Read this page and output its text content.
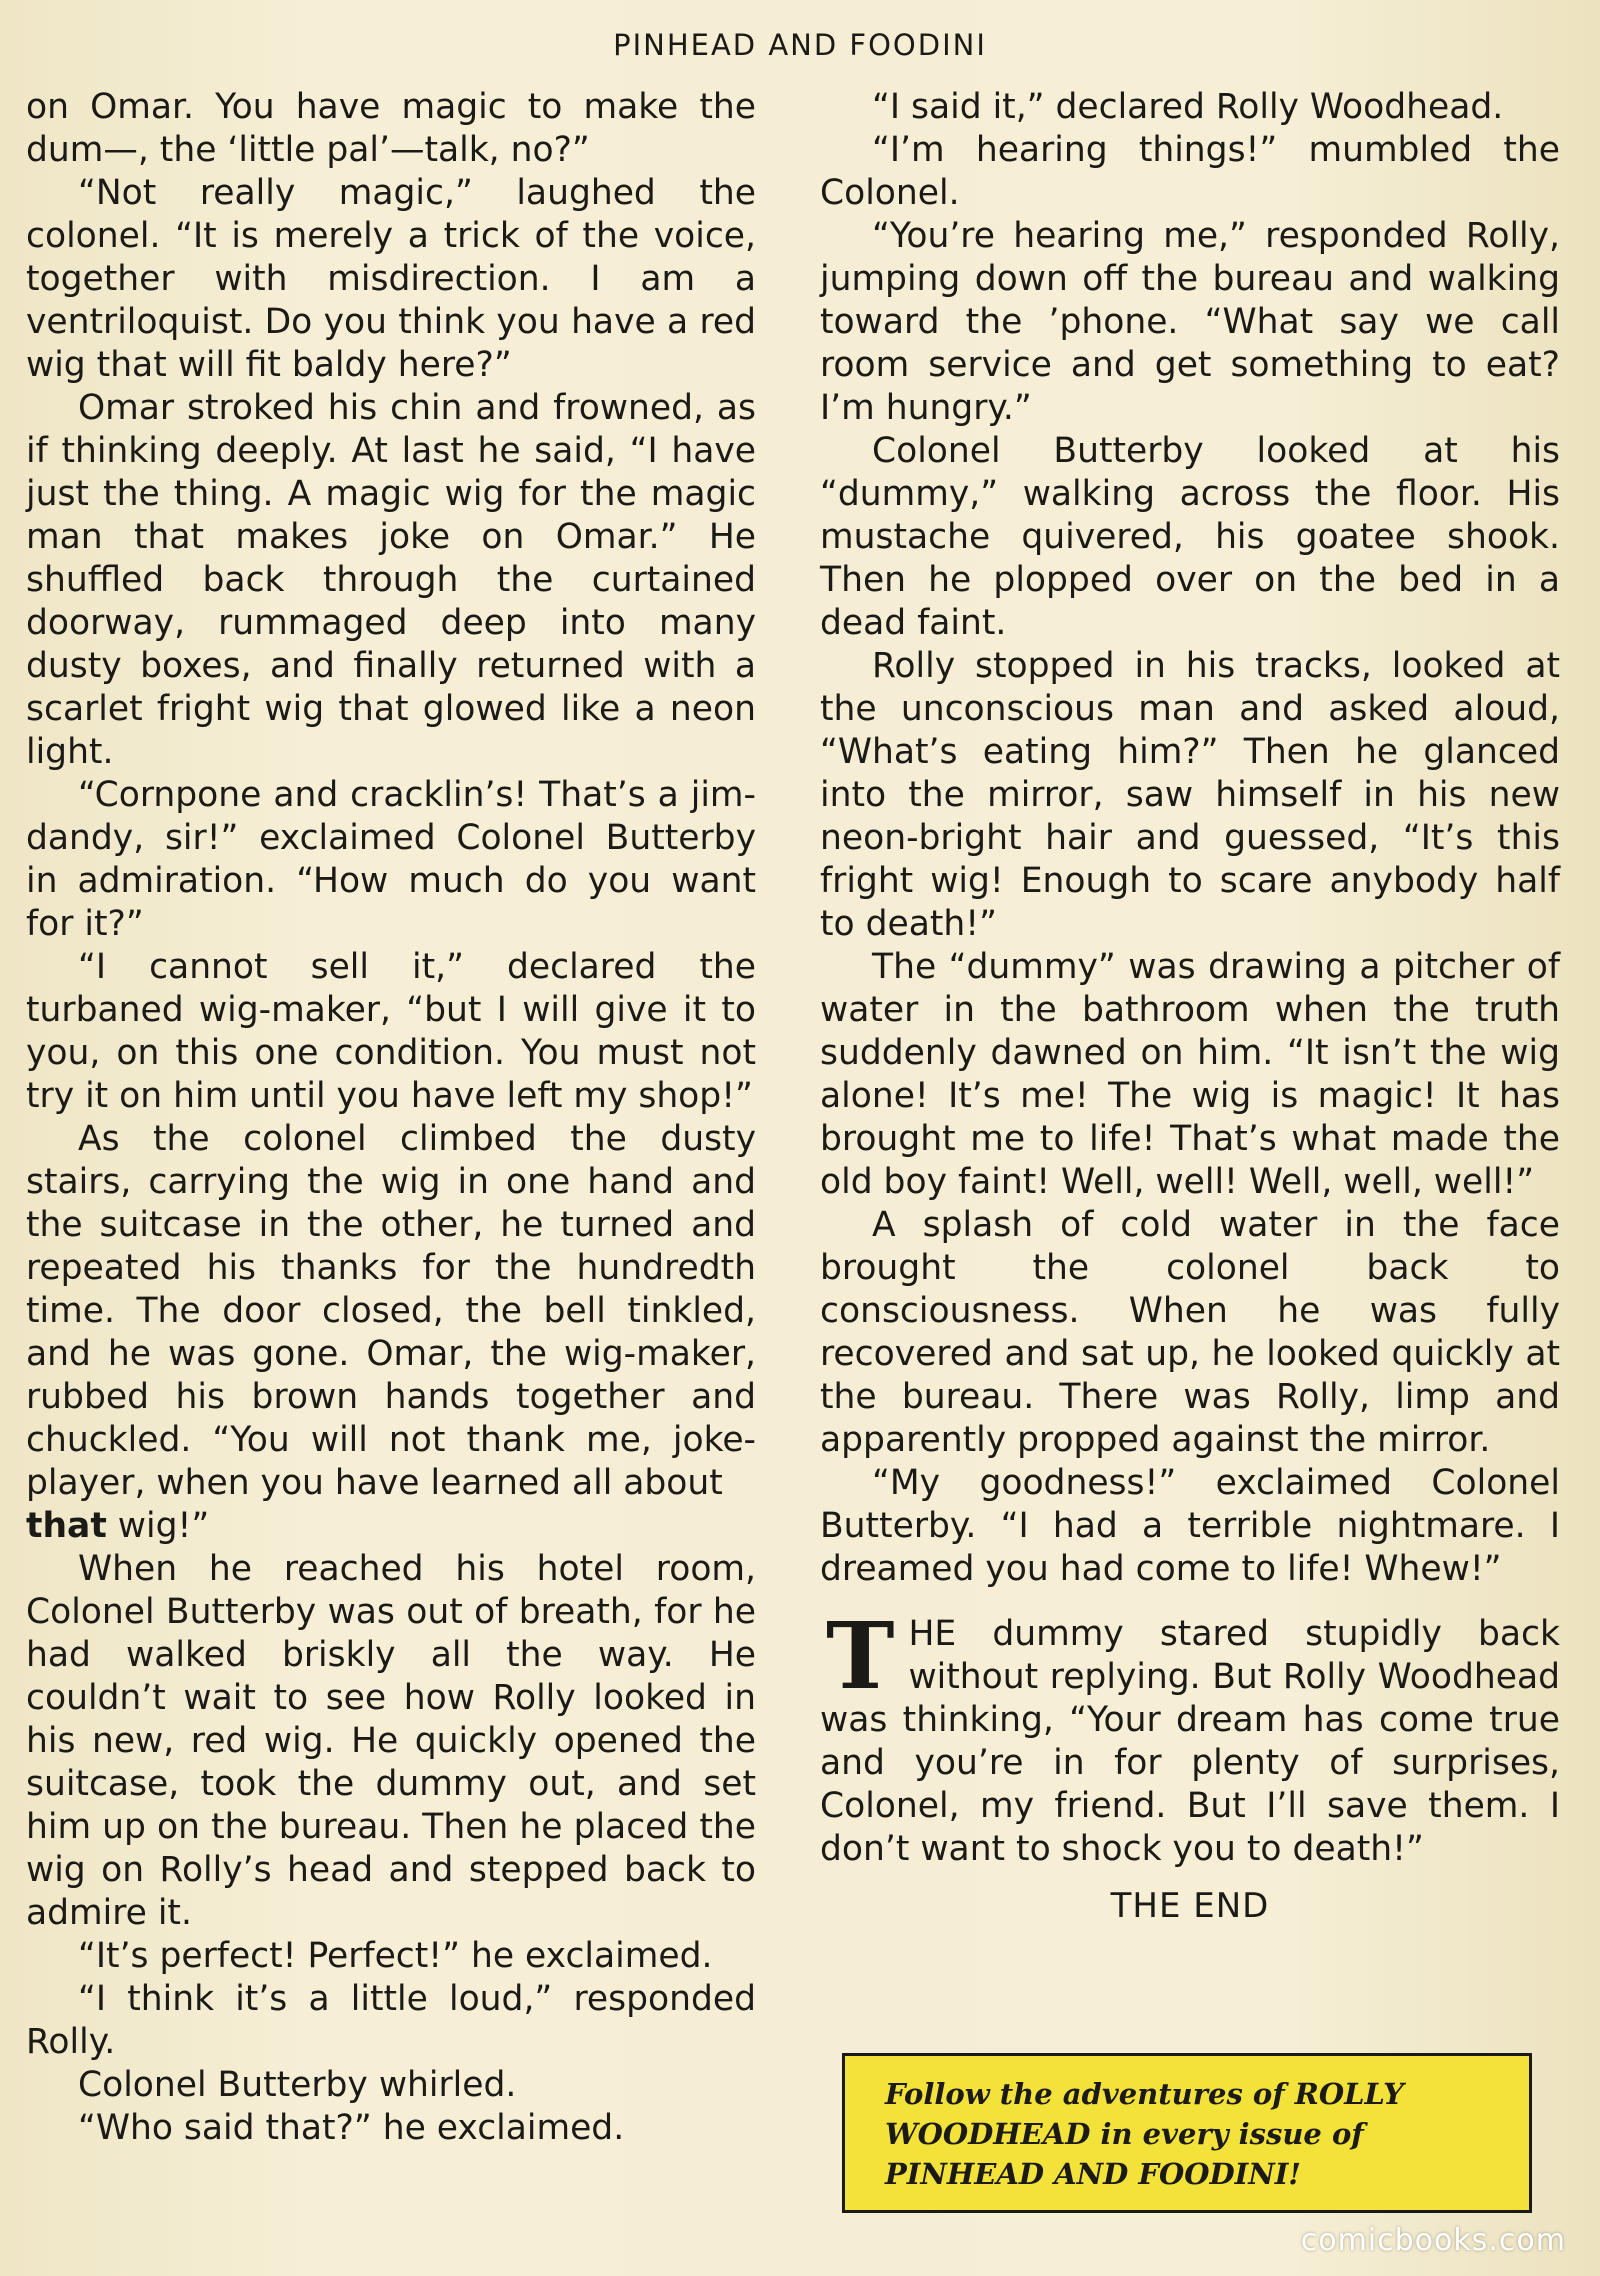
PINHEAD AND FOODINI

on Omar. You have magic to make the dum—, the ‘little pal’—talk, no?”

“Not really magic,” laughed the colonel. “It is merely a trick of the voice, together with misdirection. I am a ventriloquist. Do you think you have a red wig that will fit baldy here?”

Omar stroked his chin and frowned, as if thinking deeply. At last he said, “I have just the thing. A magic wig for the magic man that makes joke on Omar.” He shuffled back through the curtained doorway, rummaged deep into many dusty boxes, and finally returned with a scarlet fright wig that glowed like a neon light.

“Cornpone and cracklin’s! That’s a jim-dandy, sir!” exclaimed Colonel Butterby in admiration. “How much do you want for it?”

“I cannot sell it,” declared the turbaned wig-maker, “but I will give it to you, on this one condition. You must not try it on him until you have left my shop!”

As the colonel climbed the dusty stairs, carrying the wig in one hand and the suitcase in the other, he turned and repeated his thanks for the hundredth time. The door closed, the bell tinkled, and he was gone. Omar, the wig-maker, rubbed his brown hands together and chuckled. “You will not thank me, joke-player, when you have learned all about

that wig!”

When he reached his hotel room, Colonel Butterby was out of breath, for he had walked briskly all the way. He couldn’t wait to see how Rolly looked in his new, red wig. He quickly opened the suitcase, took the dummy out, and set him up on the bureau. Then he placed the wig on Rolly’s head and stepped back to admire it.

“It’s perfect! Perfect!” he exclaimed.

“I think it’s a little loud,” responded Rolly.

Colonel Butterby whirled.

“Who said that?” he exclaimed.

“I said it,” declared Rolly Woodhead.

“I’m hearing things!” mumbled the Colonel.

“You’re hearing me,” responded Rolly, jumping down off the bureau and walking toward the ’phone. “What say we call room service and get something to eat? I’m hungry.”

Colonel Butterby looked at his “dummy,” walking across the floor. His mustache quivered, his goatee shook. Then he plopped over on the bed in a dead faint.

Rolly stopped in his tracks, looked at the unconscious man and asked aloud, “What’s eating him?” Then he glanced into the mirror, saw himself in his new neon-bright hair and guessed, “It’s this fright wig! Enough to scare anybody half to death!”

The “dummy” was drawing a pitcher of water in the bathroom when the truth suddenly dawned on him. “It isn’t the wig alone! It’s me! The wig is magic! It has brought me to life! That’s what made the old boy faint! Well, well! Well, well, well!”

A splash of cold water in the face brought the colonel back to consciousness. When he was fully recovered and sat up, he looked quickly at the bureau. There was Rolly, limp and apparently propped against the mirror.

“My goodness!” exclaimed Colonel Butterby. “I had a terrible nightmare. I dreamed you had come to life! Whew!”

THE dummy stared stupidly back without replying. But Rolly Woodhead was thinking, “Your dream has come true and you’re in for plenty of surprises, Colonel, my friend. But I’ll save them. I don’t want to shock you to death!”

THE END
Follow the adventures of ROLLY WOODHEAD in every issue of PINHEAD AND FOODINI!
comicbooks.com
